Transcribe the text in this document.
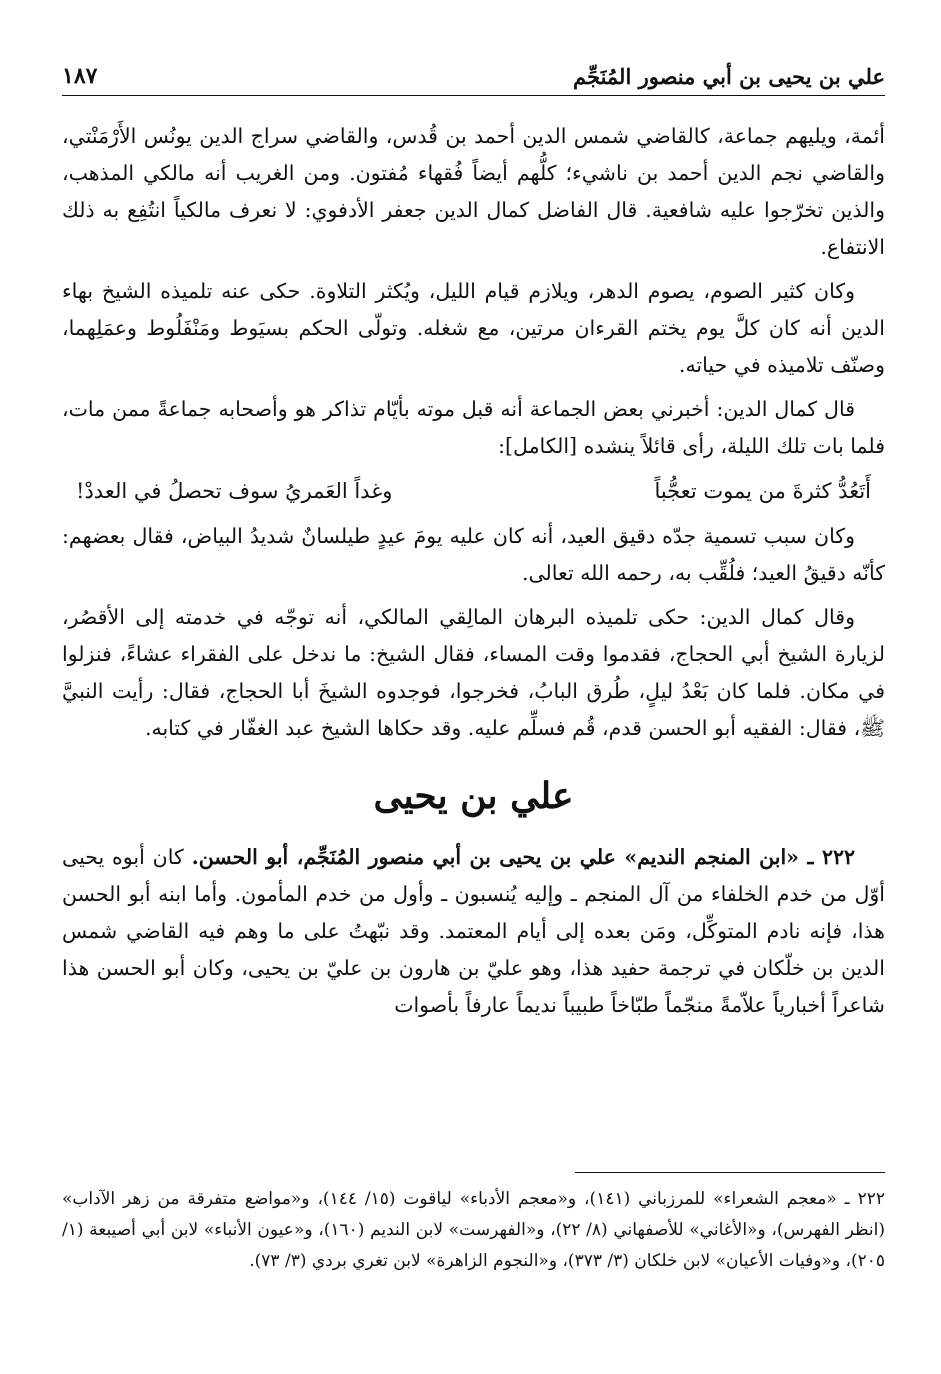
علي بن يحيى بن أبي منصور المُنَجِّم
١٨٧

أئمة، ويليهم جماعة، كالقاضي شمس الدين أحمد بن قُدس، والقاضي سراج الدين يونُس الأَرْمَنْتي، والقاضي نجم الدين أحمد بن ناشيء؛ كلُّهم أيضاً فُقهاء مُفتون. ومن الغريب أنه مالكي المذهب، والذين تخرّجوا عليه شافعية. قال الفاضل كمال الدين جعفر الأدفوي: لا نعرف مالكياً انتُفِع به ذلك الانتفاع.

وكان كثير الصوم، يصوم الدهر، ويلازم قيام الليل، ويُكثر التلاوة. حكى عنه تلميذه الشيخ بهاء الدين أنه كان كلَّ يوم يختم القرءان مرتين، مع شغله. وتولّى الحكم بسيَوط ومَنْفَلُوط وعمَلِهما، وصنّف تلاميذه في حياته.

قال كمال الدين: أخبرني بعض الجماعة أنه قبل موته بأيّام تذاكر هو وأصحابه جماعةً ممن مات، فلما بات تلك الليلة، رأى قائلاً ينشده [الكامل]:

أَتَعُدُّ كثرةَ من يموت تعجُّباً
وغداً العَمريُ سوف تحصلُ في العددْ!

وكان سبب تسمية جدّه دقيق العيد، أنه كان عليه يومَ عيدٍ طيلسانٌ شديدُ البياض، فقال بعضهم: كأنّه دقيقُ العيد؛ فلُقِّب به، رحمه الله تعالى.

وقال كمال الدين: حكى تلميذه البرهان المالِقي المالكي، أنه توجّه في خدمته إلى الأقصُر، لزيارة الشيخ أبي الحجاج، فقدموا وقت المساء، فقال الشيخ: ما ندخل على الفقراء عشاءً، فنزلوا في مكان. فلما كان بَعْدُ ليلٍ، طُرق البابُ، فخرجوا، فوجدوه الشيخَ أبا الحجاج، فقال: رأيت النبيَّ ﷺ، فقال: الفقيه أبو الحسن قدم، قُم فسلِّم عليه. وقد حكاها الشيخ عبد الغفّار في كتابه.

علي بن يحيى

٢٢٢ ـ «ابن المنجم النديم» علي بن يحيى بن أبي منصور المُنَجِّم، أبو الحسن. كان أبوه يحيى أوّل من خدم الخلفاء من آل المنجم ـ وإليه يُنسبون ـ وأول من خدم المأمون. وأما ابنه أبو الحسن هذا، فإنه نادم المتوكِّل، ومَن بعده إلى أيام المعتمد. وقد نبّهتُ على ما وهم فيه القاضي شمس الدين بن خلّكان في ترجمة حفيد هذا، وهو عليّ بن هارون بن عليّ بن يحيى، وكان أبو الحسن هذا شاعراً أخبارياً علاّمةً منجّماً طبّاخاً طبيباً نديماً عارفاً بأصوات

٢٢٢ ـ «معجم الشعراء» للمرزباني (١٤١)، و«معجم الأدباء» لياقوت (١٥/ ١٤٤)، و«مواضع متفرقة من زهر الآداب» (انظر الفهرس)، و«الأغاني» للأصفهاني (٨/ ٢٢)، و«الفهرست» لابن النديم (١٦٠)، و«عيون الأنباء» لابن أبي أصيبعة (١/ ٢٠٥)، و«وفيات الأعيان» لابن خلكان (٣/ ٣٧٣)، و«النجوم الزاهرة» لابن تغري بردي (٣/ ٧٣).
